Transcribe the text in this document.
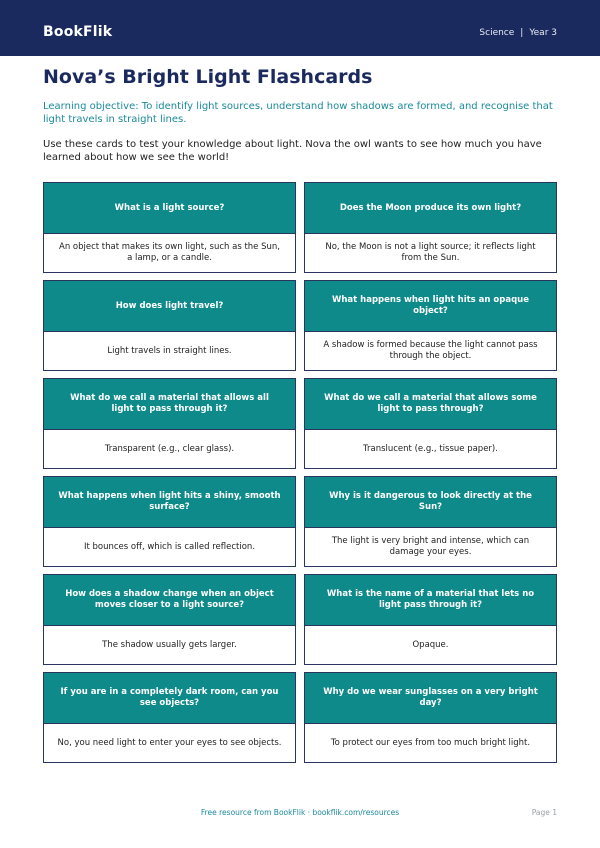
BookFlik	Science | Year 3
Nova’s Bright Light Flashcards

Learning objective: To identify light sources, understand how shadows are formed, and recognise that light travels in straight lines.

Use these cards to test your knowledge about light. Nova the owl wants to see how much you have learned about how we see the world!

What is a light source?
An object that makes its own light, such as the Sun, a lamp, or a candle.
Does the Moon produce its own light?
No, the Moon is not a light source; it reflects light from the Sun.
How does light travel?
Light travels in straight lines.
What happens when light hits an opaque object?
A shadow is formed because the light cannot pass through the object.
What do we call a material that allows all light to pass through it?
Transparent (e.g., clear glass).
What do we call a material that allows some light to pass through?
Translucent (e.g., tissue paper).
What happens when light hits a shiny, smooth surface?
It bounces off, which is called reflection.
Why is it dangerous to look directly at the Sun?
The light is very bright and intense, which can damage your eyes.
How does a shadow change when an object moves closer to a light source?
The shadow usually gets larger.
What is the name of a material that lets no light pass through it?
Opaque.
If you are in a completely dark room, can you see objects?
No, you need light to enter your eyes to see objects.
Why do we wear sunglasses on a very bright day?
To protect our eyes from too much bright light.
Free resource from BookFlik · bookflik.com/resources	Page 1
